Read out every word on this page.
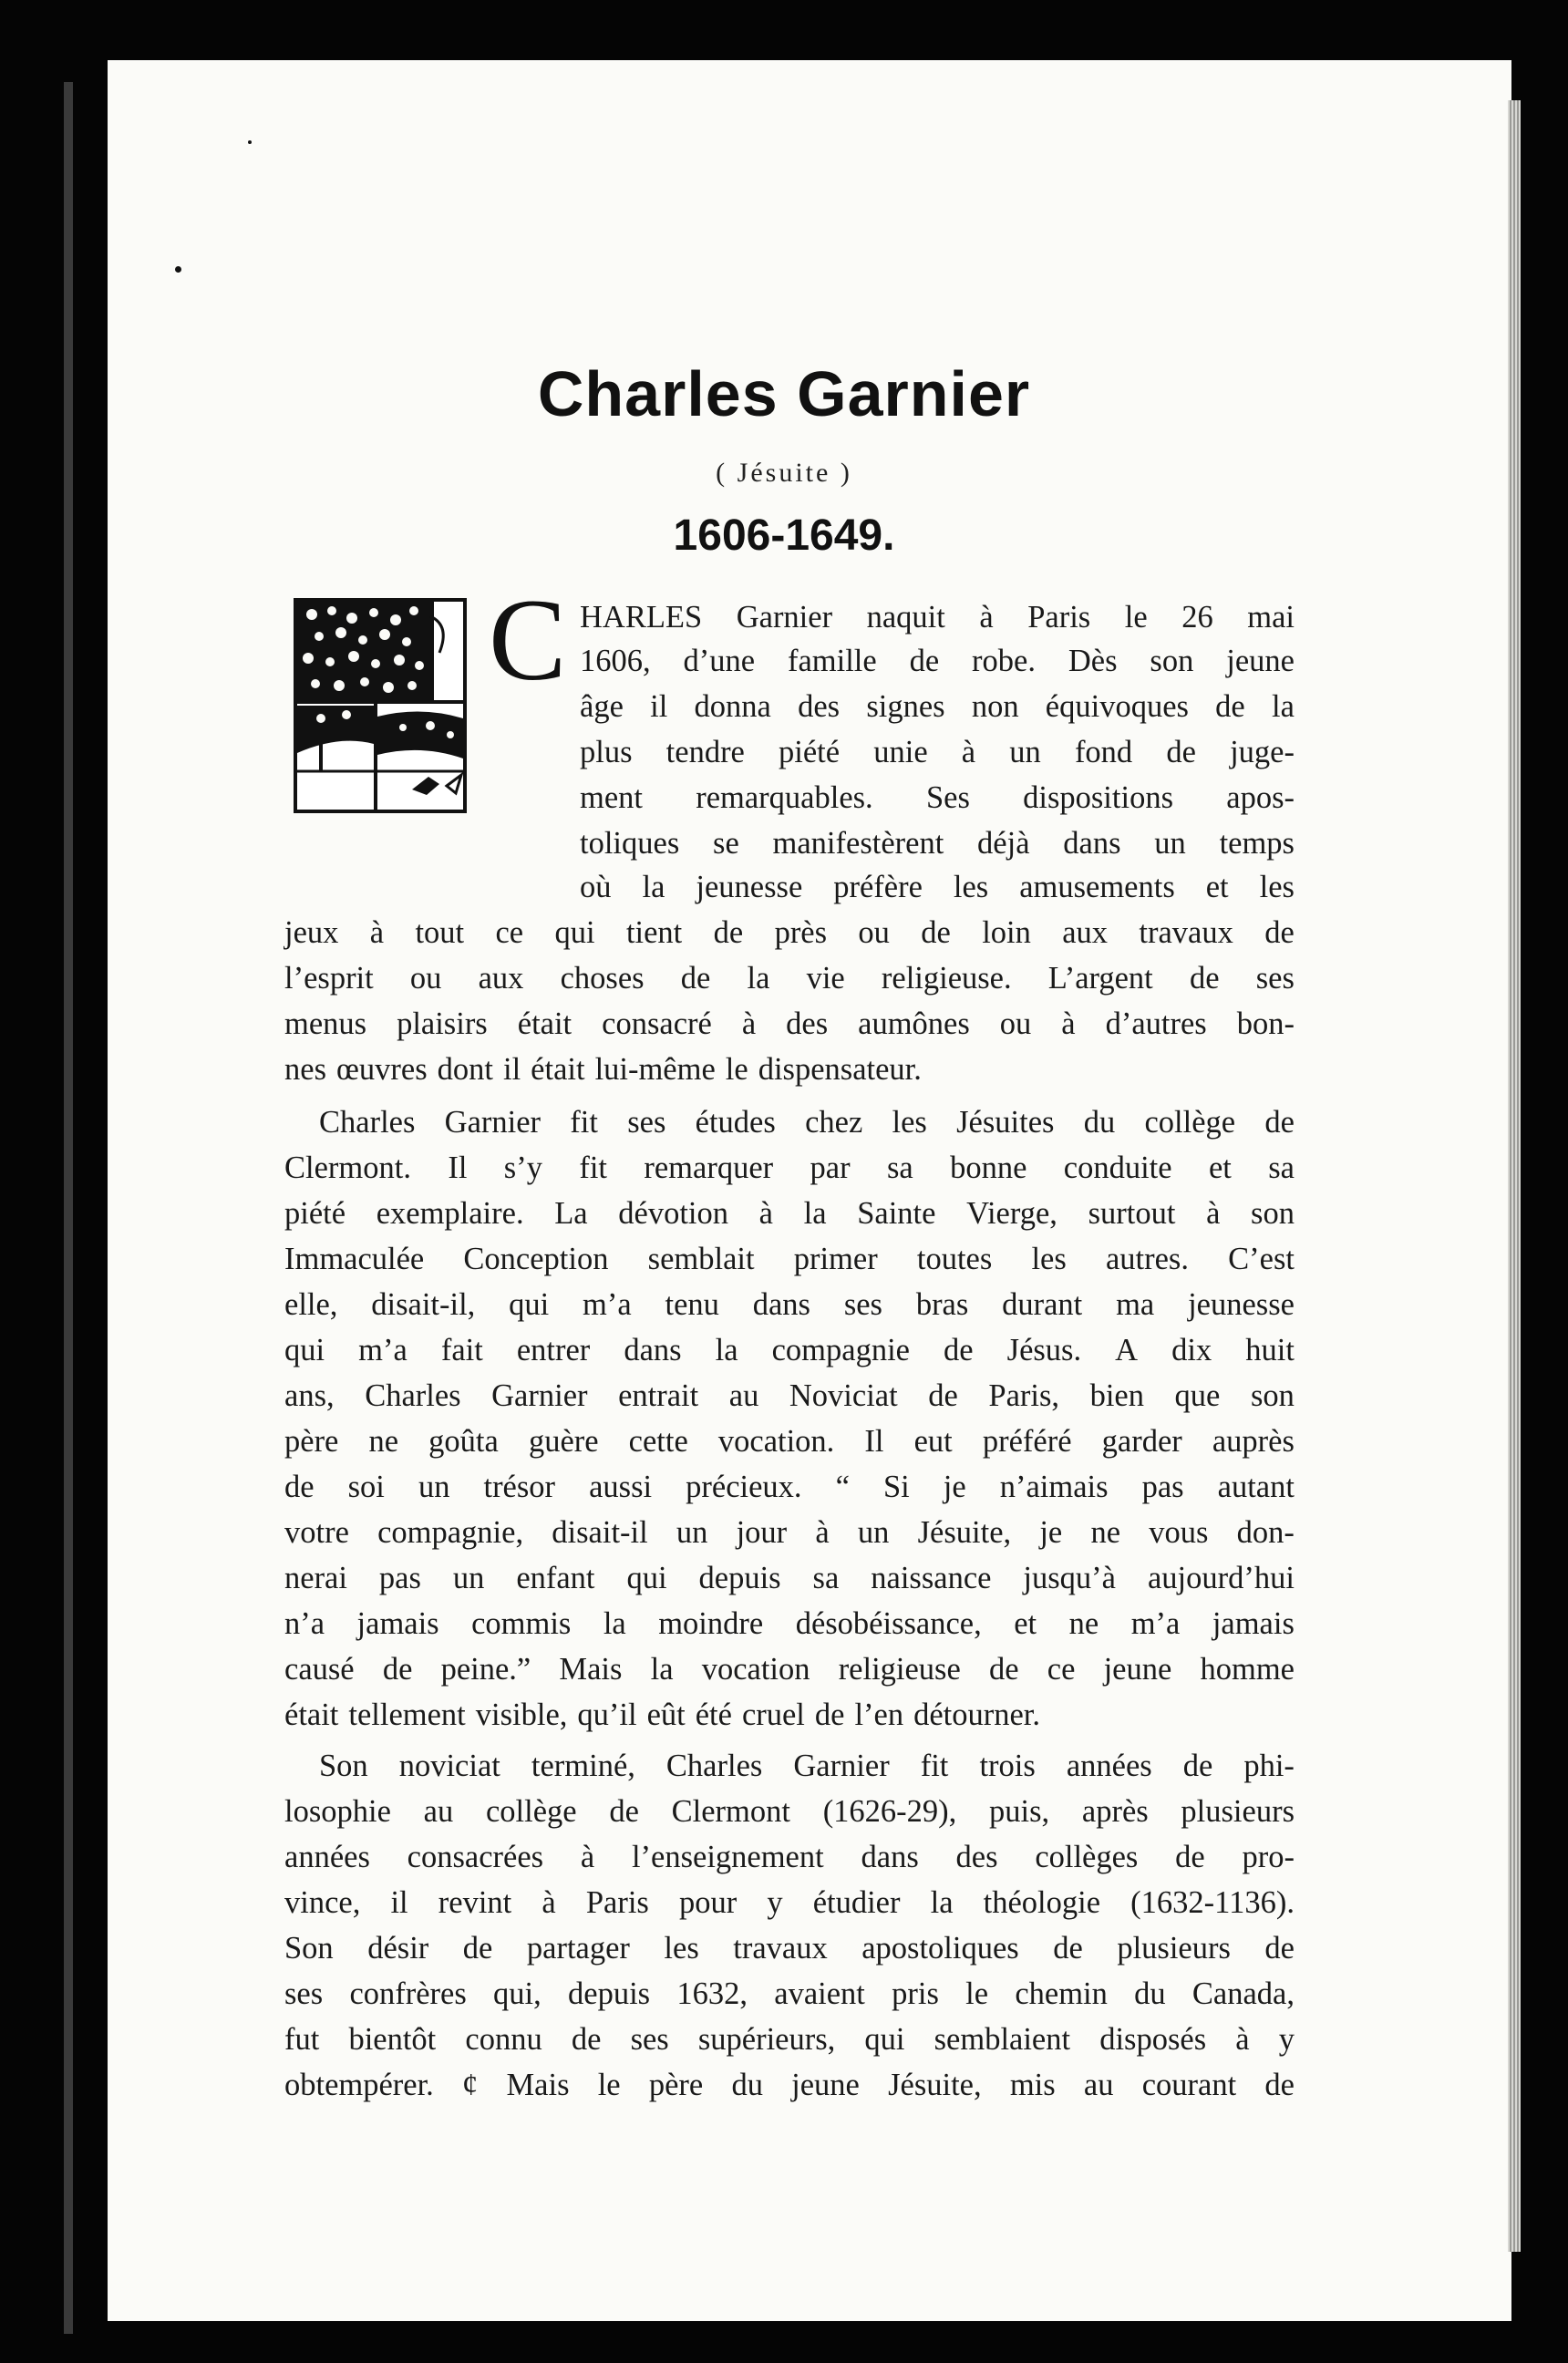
Charles Garnier
( Jésuite )
1606-1649.
C HARLES Garnier naquit à Paris le 26 mai
1606, d’une famille de robe. Dès son jeune
âge il donna des signes non équivoques de la
plus tendre piété unie à un fond de juge-
ment remarquables. Ses dispositions apos-
toliques se manifestèrent déjà dans un temps
où la jeunesse préfère les amusements et les
jeux à tout ce qui tient de près ou de loin aux travaux de
l’esprit ou aux choses de la vie religieuse. L’argent de ses
menus plaisirs était consacré à des aumônes ou à d’autres bon-
nes œuvres dont il était lui-même le dispensateur.
Charles Garnier fit ses études chez les Jésuites du collège de
Clermont. Il s’y fit remarquer par sa bonne conduite et sa
piété exemplaire. La dévotion à la Sainte Vierge, surtout à son
Immaculée Conception semblait primer toutes les autres. C’est
elle, disait-il, qui m’a tenu dans ses bras durant ma jeunesse
qui m’a fait entrer dans la compagnie de Jésus. A dix huit
ans, Charles Garnier entrait au Noviciat de Paris, bien que son
père ne goûta guère cette vocation. Il eut préféré garder auprès
de soi un trésor aussi précieux. “ Si je n’aimais pas autant
votre compagnie, disait-il un jour à un Jésuite, je ne vous don-
nerai pas un enfant qui depuis sa naissance jusqu’à aujourd’hui
n’a jamais commis la moindre désobéissance, et ne m’a jamais
causé de peine.” Mais la vocation religieuse de ce jeune homme
était tellement visible, qu’il eût été cruel de l’en détourner.
Son noviciat terminé, Charles Garnier fit trois années de phi-
losophie au collège de Clermont (1626-29), puis, après plusieurs
années consacrées à l’enseignement dans des collèges de pro-
vince, il revint à Paris pour y étudier la théologie (1632-1136).
Son désir de partager les travaux apostoliques de plusieurs de
ses confrères qui, depuis 1632, avaient pris le chemin du Canada,
fut bientôt connu de ses supérieurs, qui semblaient disposés à y
obtempérer. ¢ Mais le père du jeune Jésuite, mis au courant de
